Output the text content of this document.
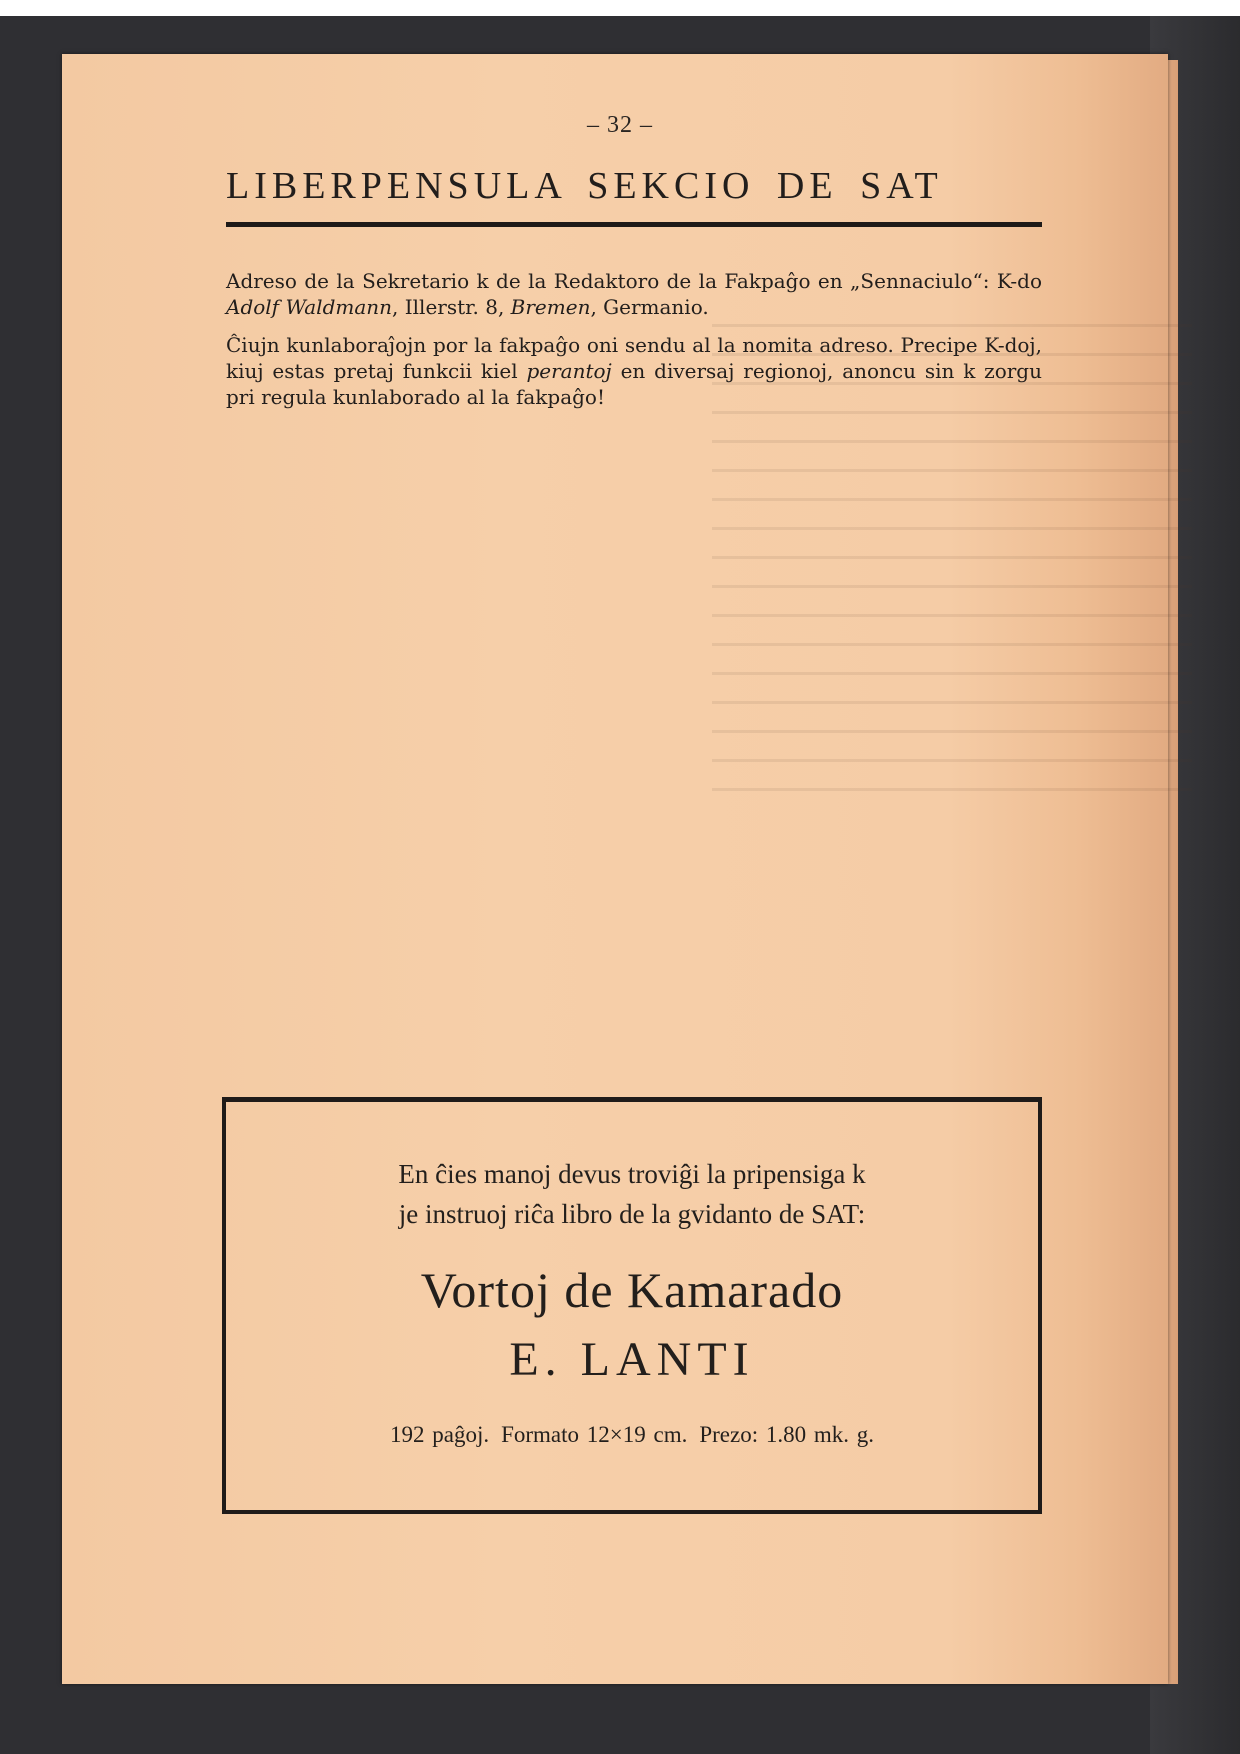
– 32 –
LIBERPENSULA SEKCIO DE SAT

Adreso de la Sekretario k de la Redaktoro de la Fakpaĝo en „Sennaciulo“: K-do Adolf Waldmann, Illerstr. 8, Bremen, Germanio.

Ĉiujn kunlaboraĵojn por la fakpaĝo oni sendu al la nomita adreso. Precipe K-doj, kiuj estas pretaj funkcii kiel perantoj en diversaj regionoj, anoncu sin k zorgu pri regula kunlaborado al la fakpaĝo!

En ĉies manoj devus troviĝi la pripensiga k
je instruoj riĉa libro de la gvidanto de SAT:
Vortoj de Kamarado
E. LANTI
192 paĝoj. Formato 12×19 cm. Prezo: 1.80 mk. g.
